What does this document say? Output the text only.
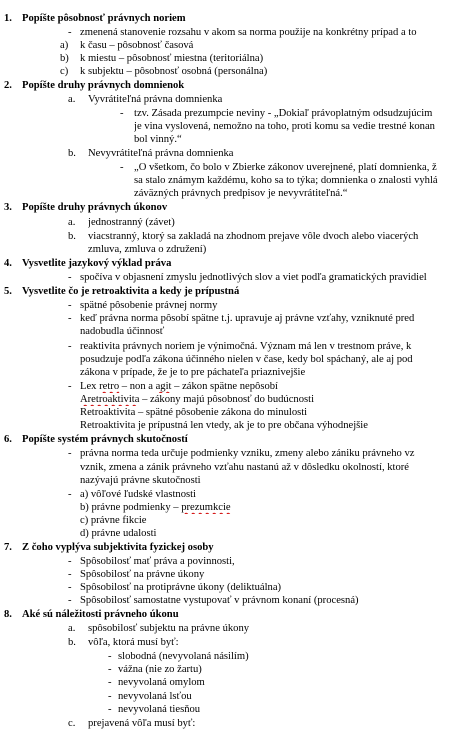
1. Popíšte pôsobnosť právnych noriem
- zmenená stanovenie rozsahu v akom sa norma použije na konkrétny prípad a to
a) k času – pôsobnosť časová
b) k miestu – pôsobnosť miestna (teritoriálna)
c) k subjektu – pôsobnosť osobná (personálna)
2. Popíšte druhy právnych domnienok
a. Vyvrátiteľná právna domnienka
- tzv. Zásada prezumpcie neviny - „Dokiaľ právoplatným odsudzujúcim
je vina vyslovená, nemožno na toho, proti komu sa vedie trestné konan
bol vinný.“
b. Nevyvrátiteľná právna domnienka
- „O všetkom, čo bolo v Zbierke zákonov uverejnené, platí domnienka, ž
sa stalo známym každému, koho sa to týka; domnienka o znalosti vyhlá
záväzných právnych predpisov je nevyvrátiteľná.“
3. Popíšte druhy právnych úkonov
a. jednostranný (závet)
b. viacstranný, ktorý sa zakladá na zhodnom prejave vôle dvoch alebo viacerých
zmluva, zmluva o združení)
4. Vysvetlite jazykový výklad práva
- spočíva v objasnení zmyslu jednotlivých slov a viet podľa gramatických pravidiel
5. Vysvetlite čo je retroaktivita a kedy je prípustná
- spätné pôsobenie právnej normy
- keď právna norma pôsobí spätne t.j. upravuje aj právne vzťahy, vzniknuté pred
nadobudla účinnosť
- reaktivita právnych noriem je výnimočná. Význam má len v trestnom práve, k
posudzuje podľa zákona účinného nielen v čase, kedy bol spáchaný, ale aj pod
zákona v prípade, že je to pre páchateľa priaznivejšie
- Lex retro – non a agit – zákon spätne nepôsobí
Aretroaktivita – zákony majú pôsobnosť do budúcnosti
Retroaktivita – spätné pôsobenie zákona do minulosti
Retroaktivita je prípustná len vtedy, ak je to pre občana výhodnejšie
6. Popíšte systém právnych skutočností
- právna norma teda určuje podmienky vzniku, zmeny alebo zániku právneho vz
vznik, zmena a zánik právneho vzťahu nastanú až v dôsledku okolností, ktoré
nazývajú právne skutočnosti
- a) vôľové ľudské vlastnosti
b) právne podmienky – prezumkcie
c) právne fikcie
d) právne udalosti
7. Z čoho vyplýva subjektivita fyzickej osoby
- Spôsobilosť mať práva a povinnosti,
- Spôsobilosť na právne úkony
- Spôsobilosť na protiprávne úkony (deliktuálna)
- Spôsobilosť samostatne vystupovať v právnom konaní (procesná)
8. Aké sú náležitosti právneho úkonu
a. spôsobilosť subjektu na právne úkony
b. vôľa, ktorá musí byť:
- slobodná (nevyvolaná násilím)
- vážna (nie zo žartu)
- nevyvolaná omylom
- nevyvolaná lsťou
- nevyvolaná tiesňou
c. prejavená vôľa musí byť:
